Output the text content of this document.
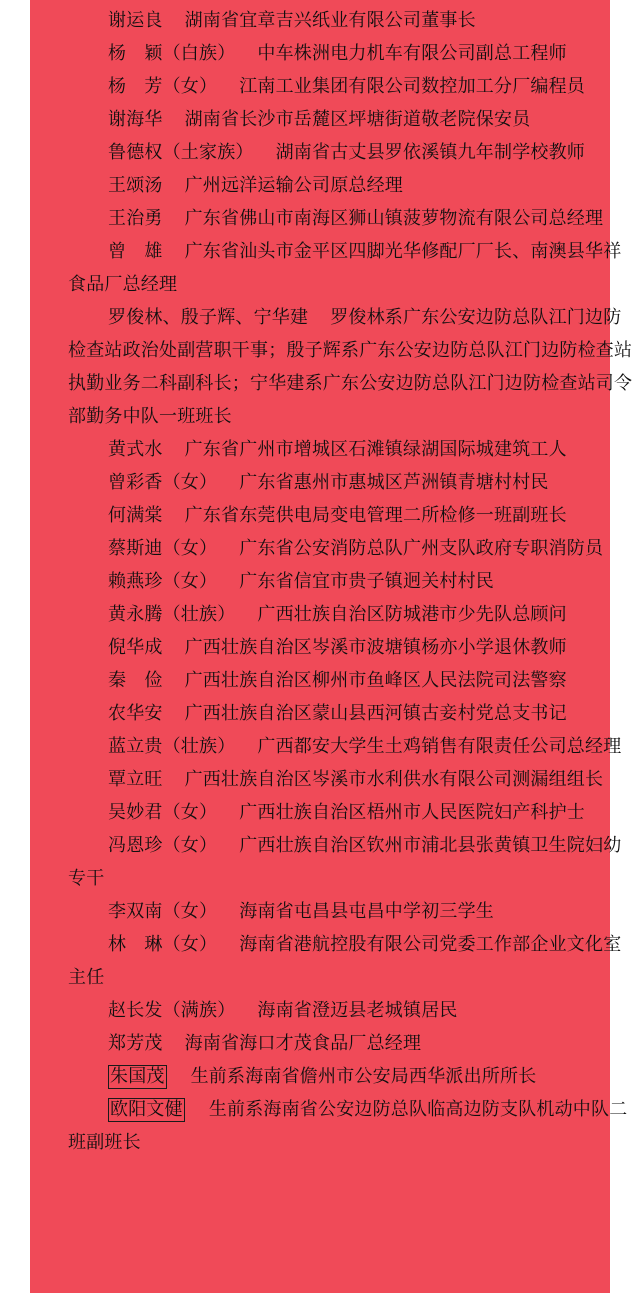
谢运良 湖南省宜章吉兴纸业有限公司董事长

杨　颖（白族） 中车株洲电力机车有限公司副总工程师

杨　芳（女） 江南工业集团有限公司数控加工分厂编程员

谢海华 湖南省长沙市岳麓区坪塘街道敬老院保安员

鲁德权（土家族） 湖南省古丈县罗依溪镇九年制学校教师

王颂汤 广州远洋运输公司原总经理

王治勇 广东省佛山市南海区狮山镇菠萝物流有限公司总经理

曾　雄 广东省汕头市金平区四脚光华修配厂厂长、南澳县华祥食品厂总经理

罗俊林、殷子辉、宁华建 罗俊林系广东公安边防总队江门边防检查站政治处副营职干事；殷子辉系广东公安边防总队江门边防检查站执勤业务二科副科长；宁华建系广东公安边防总队江门边防检查站司令部勤务中队一班班长

黄式水 广东省广州市增城区石滩镇绿湖国际城建筑工人

曾彩香（女） 广东省惠州市惠城区芦洲镇青塘村村民

何满棠 广东省东莞供电局变电管理二所检修一班副班长

蔡斯迪（女） 广东省公安消防总队广州支队政府专职消防员

赖燕珍（女） 广东省信宜市贵子镇迥关村村民

黄永腾（壮族） 广西壮族自治区防城港市少先队总顾问

倪华成 广西壮族自治区岑溪市波塘镇杨亦小学退休教师

秦　俭 广西壮族自治区柳州市鱼峰区人民法院司法警察

农华安 广西壮族自治区蒙山县西河镇古妾村党总支书记

蓝立贵（壮族） 广西都安大学生土鸡销售有限责任公司总经理

覃立旺 广西壮族自治区岑溪市水利供水有限公司测漏组组长

吴妙君（女） 广西壮族自治区梧州市人民医院妇产科护士

冯恩珍（女） 广西壮族自治区钦州市浦北县张黄镇卫生院妇幼专干

李双南（女） 海南省屯昌县屯昌中学初三学生

林　琳（女） 海南省港航控股有限公司党委工作部企业文化室主任

赵长发（满族） 海南省澄迈县老城镇居民

郑芳茂 海南省海口才茂食品厂总经理

朱国茂 生前系海南省儋州市公安局西华派出所所长

欧阳文健 生前系海南省公安边防总队临高边防支队机动中队二班副班长
